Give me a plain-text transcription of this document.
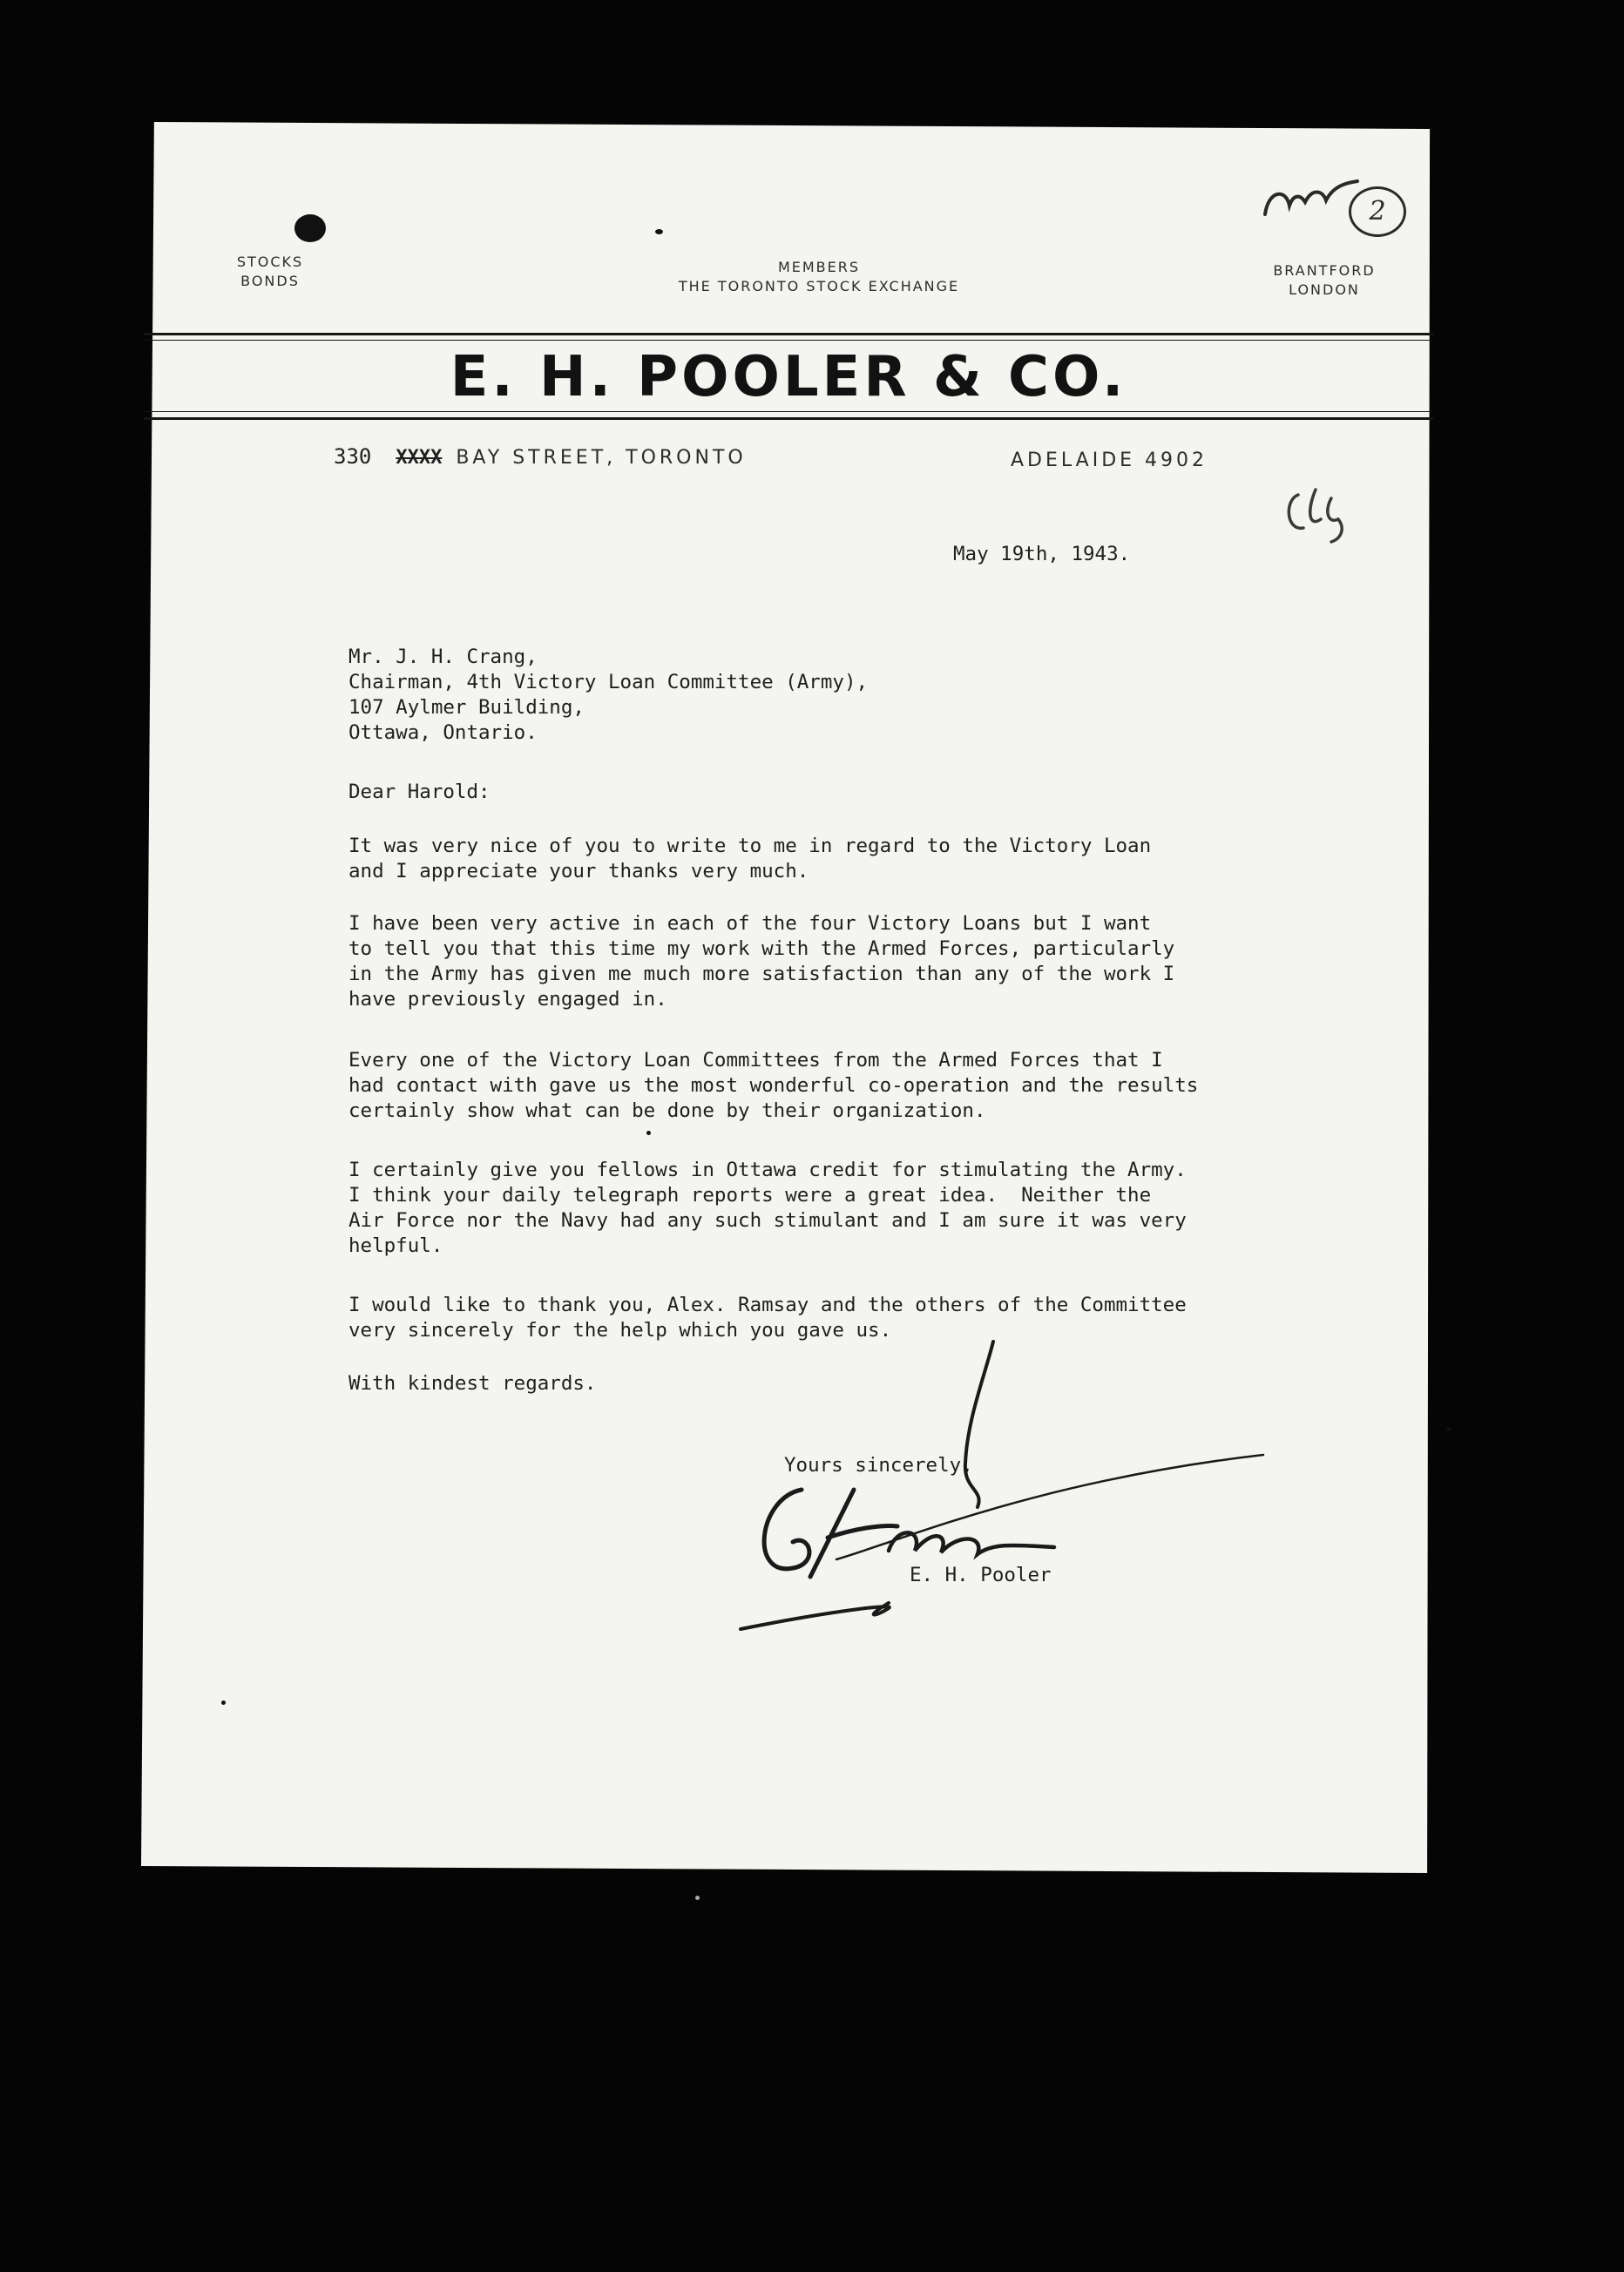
STOCKS
BONDS
MEMBERS
THE TORONTO STOCK EXCHANGE
BRANTFORD
LONDON
E. H. POOLER & CO.
330 XXXX BAY STREET, TORONTO	ADELAIDE 4902
2
May 19th, 1943.
Mr. J. H. Crang,
Chairman, 4th Victory Loan Committee (Army),
107 Aylmer Building,
Ottawa, Ontario.
Dear Harold:
It was very nice of you to write to me in regard to the Victory Loan
and I appreciate your thanks very much.
I have been very active in each of the four Victory Loans but I want
to tell you that this time my work with the Armed Forces, particularly
in the Army has given me much more satisfaction than any of the work I
have previously engaged in.
Every one of the Victory Loan Committees from the Armed Forces that I
had contact with gave us the most wonderful co-operation and the results
certainly show what can be done by their organization.
I certainly give you fellows in Ottawa credit for stimulating the Army.
I think your daily telegraph reports were a great idea.  Neither the
Air Force nor the Navy had any such stimulant and I am sure it was very
helpful.
I would like to thank you, Alex. Ramsay and the others of the Committee
very sincerely for the help which you gave us.
With kindest regards.
Yours sincerely,
E. H. Pooler
